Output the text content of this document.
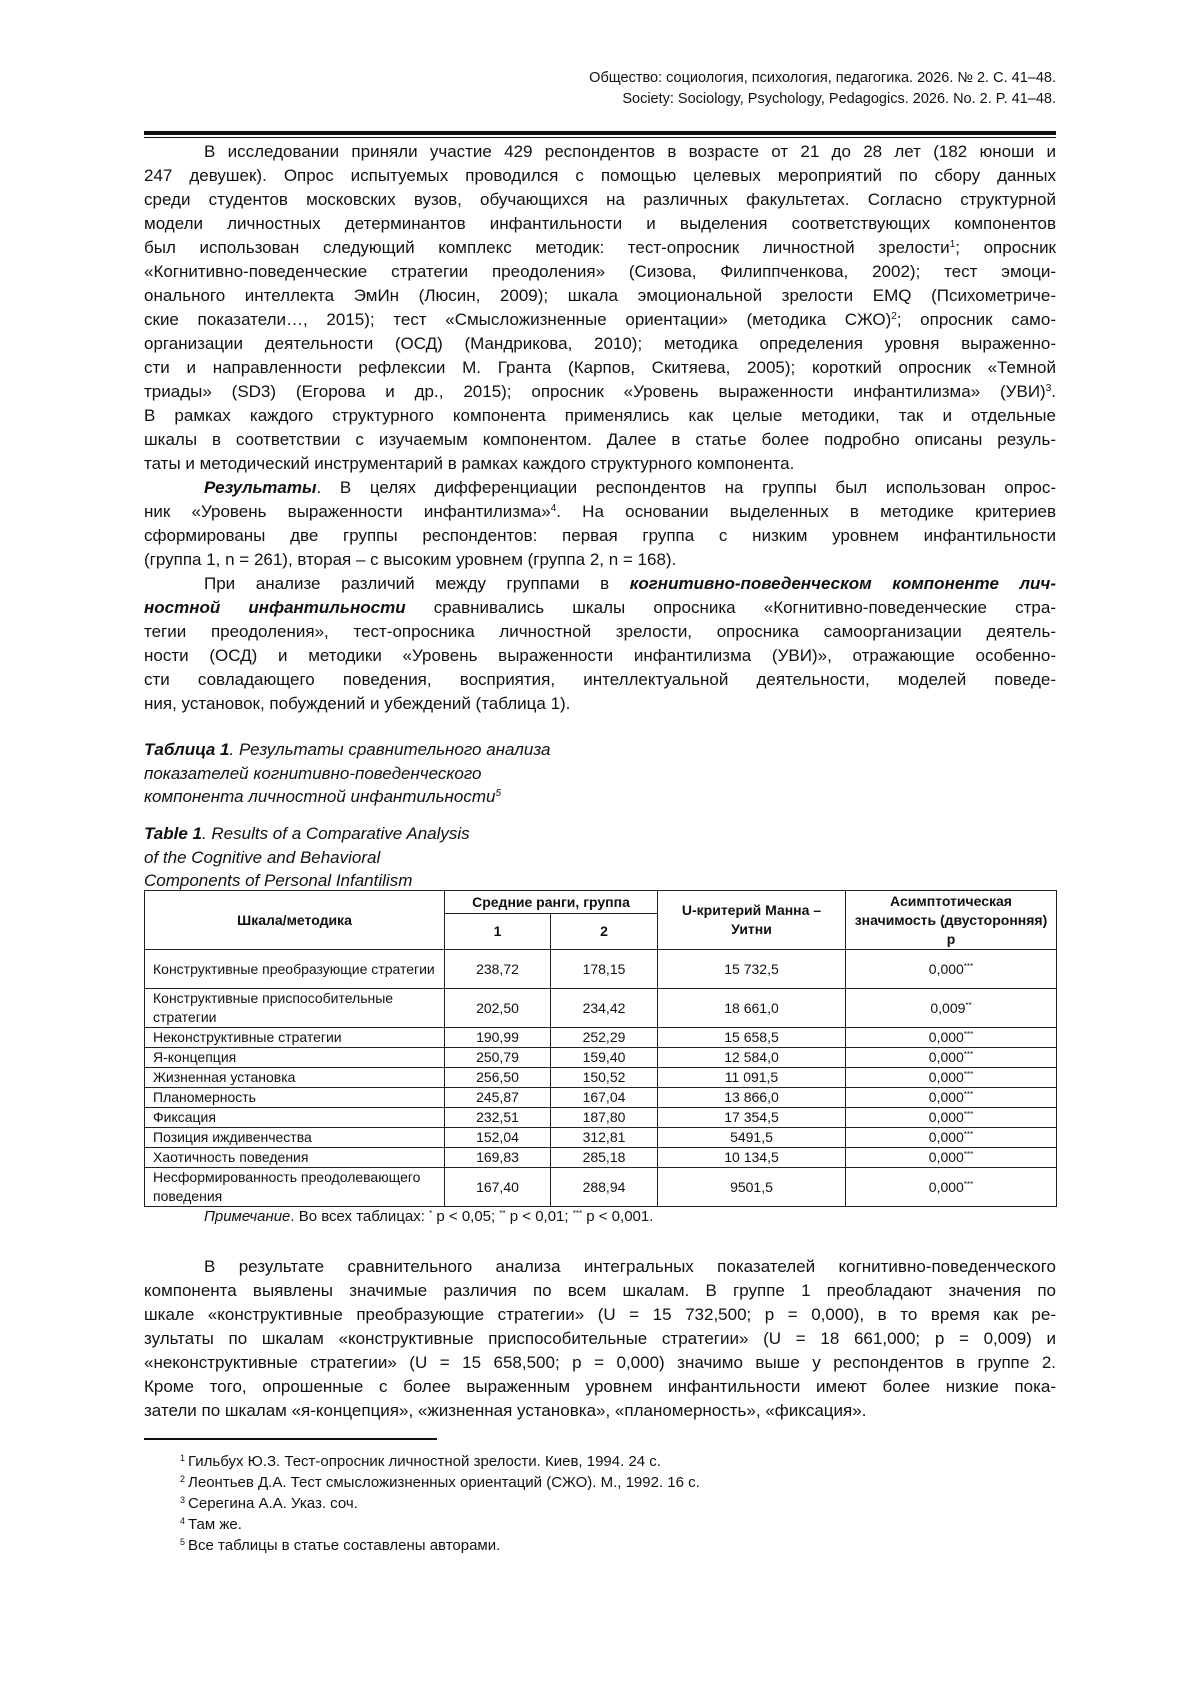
Общество: социология, психология, педагогика. 2026. № 2. С. 41–48.
Society: Sociology, Psychology, Pedagogics. 2026. No. 2. P. 41–48.
В исследовании приняли участие 429 респондентов в возрасте от 21 до 28 лет (182 юноши и
247 девушек). Опрос испытуемых проводился с помощью целевых мероприятий по сбору данных
среди студентов московских вузов, обучающихся на различных факультетах. Согласно структурной
модели личностных детерминантов инфантильности и выделения соответствующих компонентов
был использован следующий комплекс методик: тест-опросник личностной зрелости$^1$; опросник
«Когнитивно-поведенческие стратегии преодоления» (Сизова, Филиппченкова, 2002); тест эмоци-
онального интеллекта ЭмИн (Люсин, 2009); шкала эмоциональной зрелости EMQ (Психометриче-
ские показатели…, 2015); тест «Смысложизненные ориентации» (методика СЖО)$^2$; опросник само-
организации деятельности (ОСД) (Мандрикова, 2010); методика определения уровня выраженно-
сти и направленности рефлексии М. Гранта (Карпов, Скитяева, 2005); короткий опросник «Темной
триады» (SD3) (Егорова и др., 2015); опросник «Уровень выраженности инфантилизма» (УВИ)$^3$.
В рамках каждого структурного компонента применялись как целые методики, так и отдельные
шкалы в соответствии с изучаемым компонентом. Далее в статье более подробно описаны резуль-
таты и методический инструментарий в рамках каждого структурного компонента.
Результаты. В целях дифференциации респондентов на группы был использован опрос-
ник «Уровень выраженности инфантилизма»$^4$. На основании выделенных в методике критериев
сформированы две группы респондентов: первая группа с низким уровнем инфантильности
(группа 1, n = 261), вторая – с высоким уровнем (группа 2, n = 168).
При анализе различий между группами в когнитивно-поведенческом компоненте лич-
ностной инфантильности сравнивались шкалы опросника «Когнитивно-поведенческие стра-
тегии преодоления», тест-опросника личностной зрелости, опросника самоорганизации деятель-
ности (ОСД) и методики «Уровень выраженности инфантилизма (УВИ)», отражающие особенно-
сти совладающего поведения, восприятия, интеллектуальной деятельности, моделей поведе-
ния, установок, побуждений и убеждений (таблица 1).
Таблица 1. Результаты сравнительного анализа
показателей когнитивно-поведенческого
компонента личностной инфантильности$^5$
Table 1. Results of a Comparative Analysis
of the Cognitive and Behavioral
Components of Personal Infantilism
Шкала/методика	Средние ранги, группа		U-критерий Манна – Уитни	Асимптотическая значимость (двусторонняя) p
	1	2		
Конструктивные преобразующие стратегии	238,72	178,15	15 732,5	0,000***
Конструктивные приспособительные стратегии	202,50	234,42	18 661,0	0,009**
Неконструктивные стратегии	190,99	252,29	15 658,5	0,000***
Я-концепция	250,79	159,40	12 584,0	0,000***
Жизненная установка	256,50	150,52	11 091,5	0,000***
Планомерность	245,87	167,04	13 866,0	0,000***
Фиксация	232,51	187,80	17 354,5	0,000***
Позиция иждивенчества	152,04	312,81	5491,5	0,000***
Хаотичность поведения	169,83	285,18	10 134,5	0,000***
Несформированность преодолевающего поведения	167,40	288,94	9501,5	0,000***
Примечание. Во всех таблицах: * p < 0,05; ** p < 0,01; *** p < 0,001.
В результате сравнительного анализа интегральных показателей когнитивно-поведенческого
компонента выявлены значимые различия по всем шкалам. В группе 1 преобладают значения по
шкале «конструктивные преобразующие стратегии» (U = 15 732,500; p = 0,000), в то время как ре-
зультаты по шкалам «конструктивные приспособительные стратегии» (U = 18 661,000; p = 0,009) и
«неконструктивные стратегии» (U = 15 658,500; p = 0,000) значимо выше у респондентов в группе 2.
Кроме того, опрошенные с более выраженным уровнем инфантильности имеют более низкие пока-
затели по шкалам «я-концепция», «жизненная установка», «планомерность», «фиксация».
$^1$ Гильбух Ю.З. Тест-опросник личностной зрелости. Киев, 1994. 24 с.
$^2$ Леонтьев Д.А. Тест смысложизненных ориентаций (СЖО). М., 1992. 16 с.
$^3$ Серегина А.А. Указ. соч.
$^4$ Там же.
$^5$ Все таблицы в статье составлены авторами.
